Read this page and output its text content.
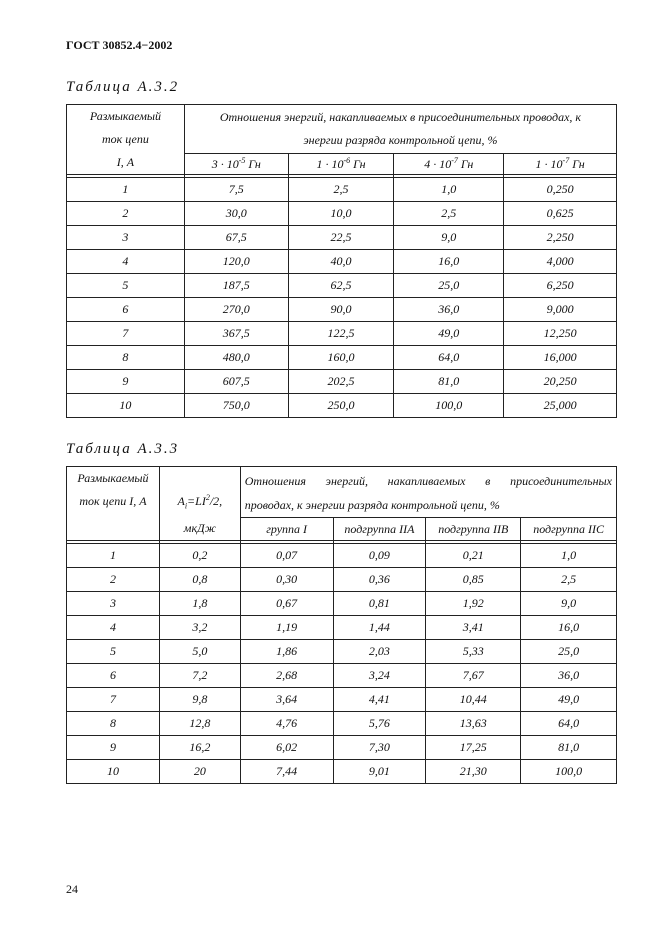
ГОСТ 30852.4−2002
Таблица А.3.2
Размыкаемый
ток цепи
I, А	Отношения энергий, накапливаемых в присоединительных проводах, к
энергии разряда контрольной цепи, %			

	$3 \cdot 10^{-5}$ Гн	$1 \cdot 10^{-6}$ Гн	$4 \cdot 10^{-7}$ Гн	$1 \cdot 10^{-7}$ Гн

1	7,5	2,5	1,0	0,250
2	30,0	10,0	2,5	0,625
3	67,5	22,5	9,0	2,250
4	120,0	40,0	16,0	4,000
5	187,5	62,5	25,0	6,250
6	270,0	90,0	36,0	9,000
7	367,5	122,5	49,0	12,250
8	480,0	160,0	64,0	16,000
9	607,5	202,5	81,0	20,250
10	750,0	250,0	100,0	25,000
Таблица А.3.3
Размыкаемый
ток цепи I, А	$A_i=LI^2/2$,
мкДж	Отношения энергий, накапливаемых в присоединительных			

		проводах, к энергии разряда контрольной цепи, %			

		группа I	подгруппа IIA	подгруппа IIB	подгруппа IIC

1	0,2	0,07	0,09	0,21	1,0
2	0,8	0,30	0,36	0,85	2,5
3	1,8	0,67	0,81	1,92	9,0
4	3,2	1,19	1,44	3,41	16,0
5	5,0	1,86	2,03	5,33	25,0
6	7,2	2,68	3,24	7,67	36,0
7	9,8	3,64	4,41	10,44	49,0
8	12,8	4,76	5,76	13,63	64,0
9	16,2	6,02	7,30	17,25	81,0
10	20	7,44	9,01	21,30	100,0
24
